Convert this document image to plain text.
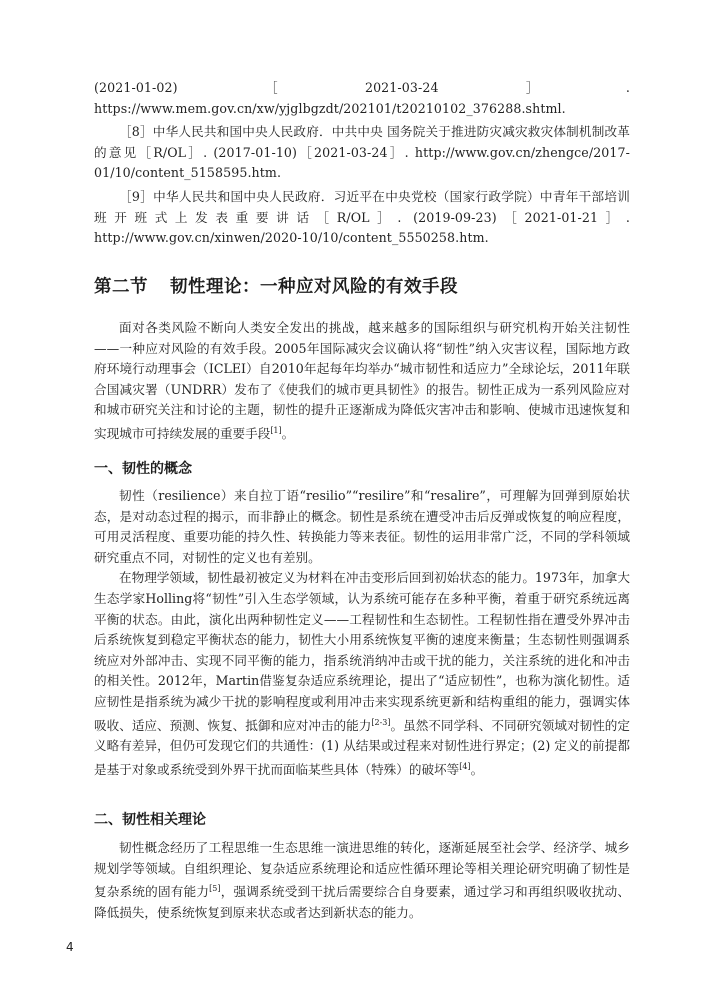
(2021-01-02)［2021-03-24］. https://www.mem.gov.cn/xw/yjglbgzdt/202101/t20210102_376288.shtml.

［8］中华人民共和国中央人民政府．中共中央 国务院关于推进防灾减灾救灾体制机制改革的意见［R/OL］. (2017-01-10)［2021-03-24］. http://www.gov.cn/zhengce/2017-01/10/content_5158595.htm.

［9］中华人民共和国中央人民政府．习近平在中央党校（国家行政学院）中青年干部培训班开班式上发表重要讲话［R/OL］. (2019-09-23)［2021-01-21］. http://www.gov.cn/xinwen/2020-10/10/content_5550258.htm.

第二节 韧性理论：一种应对风险的有效手段

面对各类风险不断向人类安全发出的挑战，越来越多的国际组织与研究机构开始关注韧性——一种应对风险的有效手段。2005年国际减灾会议确认将“韧性”纳入灾害议程，国际地方政府环境行动理事会（ICLEI）自2010年起每年均举办“城市韧性和适应力”全球论坛，2011年联合国减灾署（UNDRR）发布了《使我们的城市更具韧性》的报告。韧性正成为一系列风险应对和城市研究关注和讨论的主题，韧性的提升正逐渐成为降低灾害冲击和影响、使城市迅速恢复和实现城市可持续发展的重要手段[1]。

一、韧性的概念

韧性（resilience）来自拉丁语“resilio”“resilire”和“resalire”，可理解为回弹到原始状态，是对动态过程的揭示，而非静止的概念。韧性是系统在遭受冲击后反弹或恢复的响应程度，可用灵活程度、重要功能的持久性、转换能力等来表征。韧性的运用非常广泛，不同的学科领域研究重点不同，对韧性的定义也有差别。

在物理学领域，韧性最初被定义为材料在冲击变形后回到初始状态的能力。1973年，加拿大生态学家Holling将“韧性”引入生态学领域，认为系统可能存在多种平衡，着重于研究系统远离平衡的状态。由此，演化出两种韧性定义——工程韧性和生态韧性。工程韧性指在遭受外界冲击后系统恢复到稳定平衡状态的能力，韧性大小用系统恢复平衡的速度来衡量；生态韧性则强调系统应对外部冲击、实现不同平衡的能力，指系统消纳冲击或干扰的能力，关注系统的进化和冲击的相关性。2012年，Martin借鉴复杂适应系统理论，提出了“适应韧性”，也称为演化韧性。适应韧性是指系统为减少干扰的影响程度或利用冲击来实现系统更新和结构重组的能力，强调实体吸收、适应、预测、恢复、抵御和应对冲击的能力[2-3]。虽然不同学科、不同研究领域对韧性的定义略有差异，但仍可发现它们的共通性：(1) 从结果或过程来对韧性进行界定；(2) 定义的前提都是基于对象或系统受到外界干扰而面临某些具体（特殊）的破坏等[4]。

二、韧性相关理论

韧性概念经历了工程思维一生态思维一演进思维的转化，逐渐延展至社会学、经济学、城乡规划学等领域。自组织理论、复杂适应系统理论和适应性循环理论等相关理论研究明确了韧性是复杂系统的固有能力[5]，强调系统受到干扰后需要综合自身要素，通过学习和再组织吸收扰动、降低损失，使系统恢复到原来状态或者达到新状态的能力。

4
